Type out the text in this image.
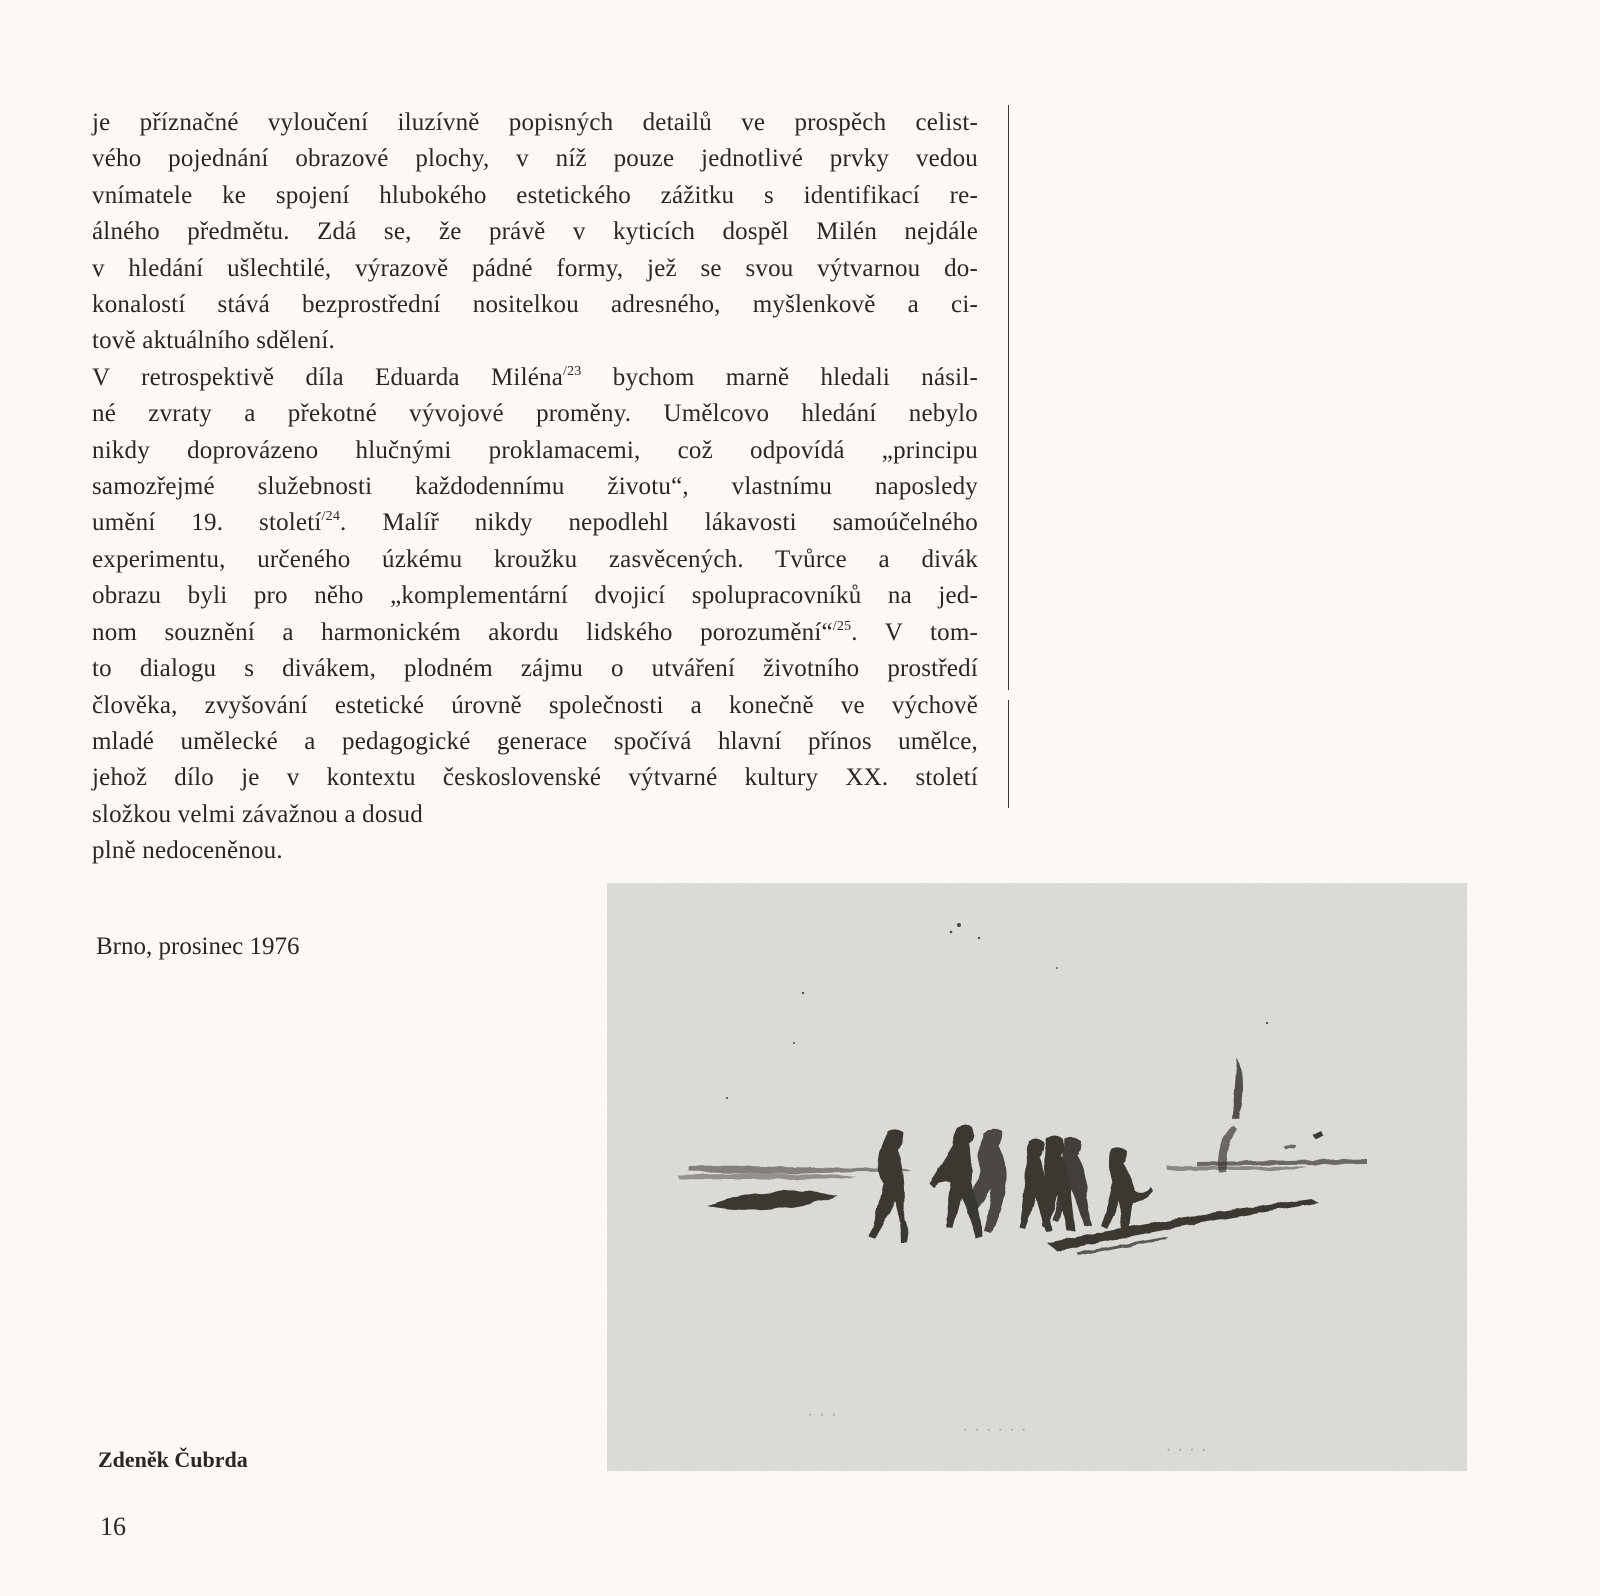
je příznačné vyloučení iluzívně popisných detailů ve prospěch celist-
vého pojednání obrazové plochy, v níž pouze jednotlivé prvky vedou
vnímatele ke spojení hlubokého estetického zážitku s identifikací re-
álného předmětu. Zdá se, že právě v kyticích dospěl Milén nejdále
v hledání ušlechtilé, výrazově pádné formy, jež se svou výtvarnou do-
konalostí stává bezprostřední nositelkou adresného, myšlenkově a ci-
tově aktuálního sdělení.
V retrospektivě díla Eduarda Miléna$^{/23}$ bychom marně hledali násil-
né zvraty a překotné vývojové proměny. Umělcovo hledání nebylo
nikdy doprovázeno hlučnými proklamacemi, což odpovídá „principu
samozřejmé služebnosti každodennímu životu“, vlastnímu naposledy
umění 19. století$^{/24}$. Malíř nikdy nepodlehl lákavosti samoúčelného
experimentu, určeného úzkému kroužku zasvěcených. Tvůrce a divák
obrazu byli pro něho „komplementární dvojicí spolupracovníků na jed-
nom souznění a harmonickém akordu lidského porozumění“$^{/25}$. V tom-
to dialogu s divákem, plodném zájmu o utváření životního prostředí
člověka, zvyšování estetické úrovně společnosti a konečně ve výchově
mladé umělecké a pedagogické generace spočívá hlavní přínos umělce,
jehož dílo je v kontextu československé výtvarné kultury XX. století
složkou velmi závažnou a dosud
plně nedoceněnou.
Brno, prosinec 1976
· · ·
· · · · · ·
· · · ·
Zdeněk Čubrda
16
